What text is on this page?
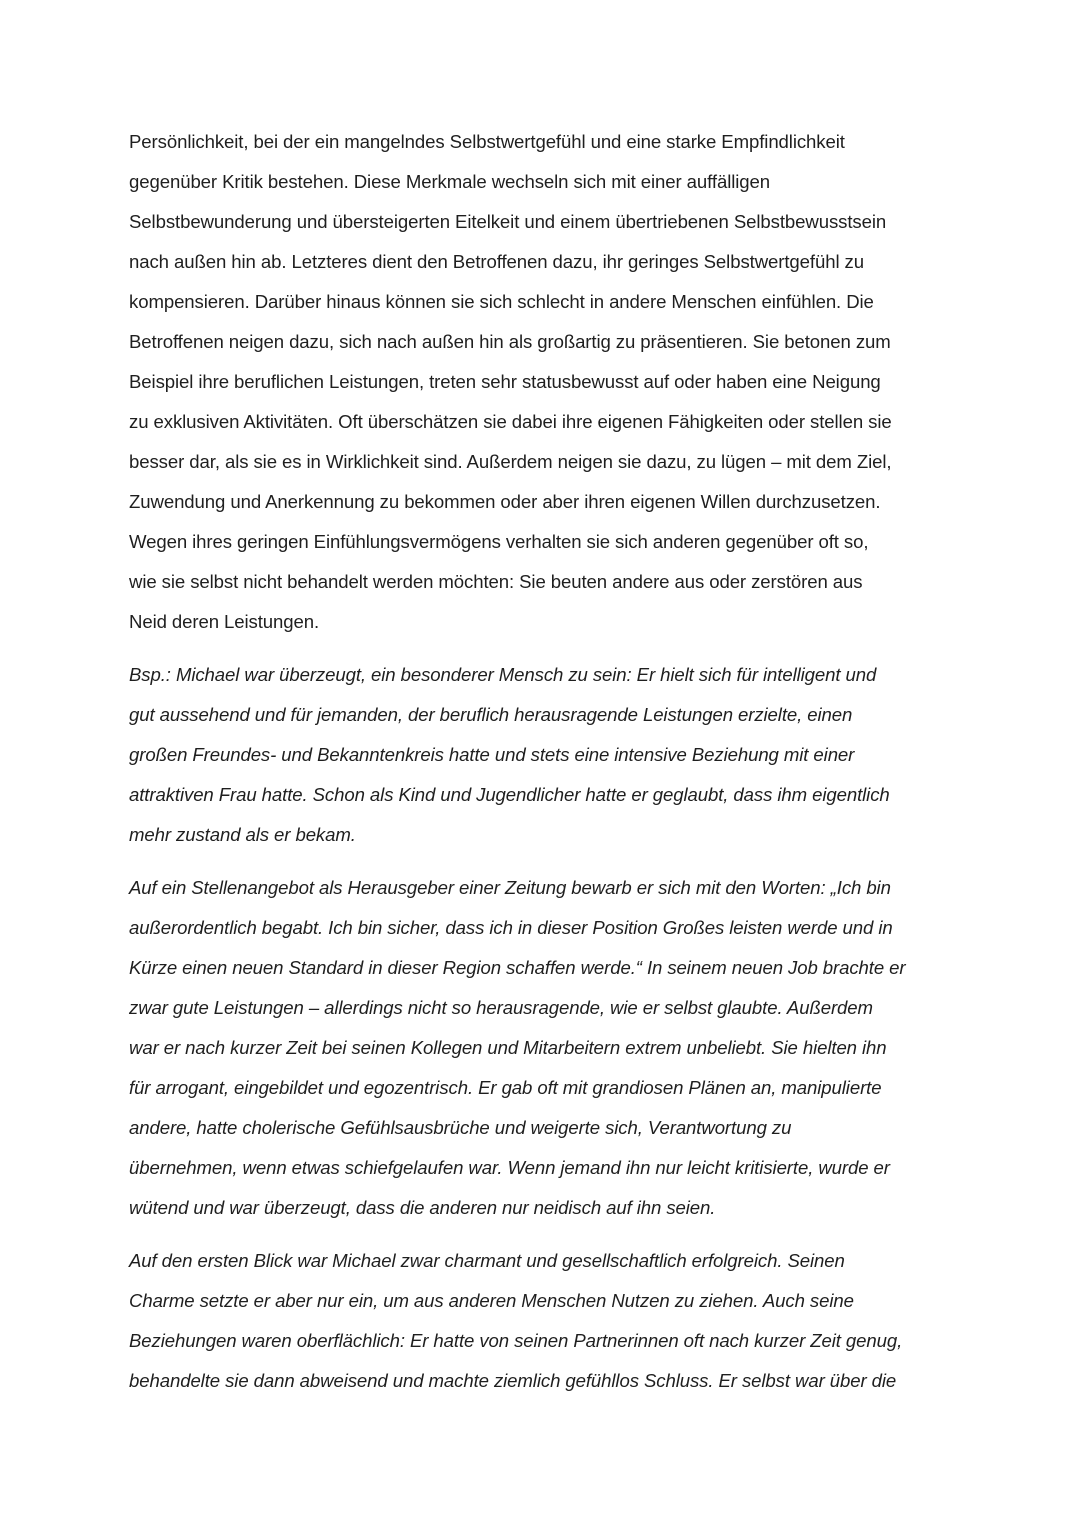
Persönlichkeit, bei der ein mangelndes Selbstwertgefühl und eine starke Empfindlichkeit
gegenüber Kritik bestehen. Diese Merkmale wechseln sich mit einer auffälligen
Selbstbewunderung und übersteigerten Eitelkeit und einem übertriebenen Selbstbewusstsein
nach außen hin ab. Letzteres dient den Betroffenen dazu, ihr geringes Selbstwertgefühl zu
kompensieren. Darüber hinaus können sie sich schlecht in andere Menschen einfühlen. Die
Betroffenen neigen dazu, sich nach außen hin als großartig zu präsentieren. Sie betonen zum
Beispiel ihre beruflichen Leistungen, treten sehr statusbewusst auf oder haben eine Neigung
zu exklusiven Aktivitäten. Oft überschätzen sie dabei ihre eigenen Fähigkeiten oder stellen sie
besser dar, als sie es in Wirklichkeit sind. Außerdem neigen sie dazu, zu lügen – mit dem Ziel,
Zuwendung und Anerkennung zu bekommen oder aber ihren eigenen Willen durchzusetzen.
Wegen ihres geringen Einfühlungsvermögens verhalten sie sich anderen gegenüber oft so,
wie sie selbst nicht behandelt werden möchten: Sie beuten andere aus oder zerstören aus
Neid deren Leistungen.
Bsp.: Michael war überzeugt, ein besonderer Mensch zu sein: Er hielt sich für intelligent und
gut aussehend und für jemanden, der beruflich herausragende Leistungen erzielte, einen
großen Freundes- und Bekanntenkreis hatte und stets eine intensive Beziehung mit einer
attraktiven Frau hatte. Schon als Kind und Jugendlicher hatte er geglaubt, dass ihm eigentlich
mehr zustand als er bekam.
Auf ein Stellenangebot als Herausgeber einer Zeitung bewarb er sich mit den Worten: „Ich bin
außerordentlich begabt. Ich bin sicher, dass ich in dieser Position Großes leisten werde und in
Kürze einen neuen Standard in dieser Region schaffen werde.“ In seinem neuen Job brachte er
zwar gute Leistungen – allerdings nicht so herausragende, wie er selbst glaubte. Außerdem
war er nach kurzer Zeit bei seinen Kollegen und Mitarbeitern extrem unbeliebt. Sie hielten ihn
für arrogant, eingebildet und egozentrisch. Er gab oft mit grandiosen Plänen an, manipulierte
andere, hatte cholerische Gefühlsausbrüche und weigerte sich, Verantwortung zu
übernehmen, wenn etwas schiefgelaufen war. Wenn jemand ihn nur leicht kritisierte, wurde er
wütend und war überzeugt, dass die anderen nur neidisch auf ihn seien.
Auf den ersten Blick war Michael zwar charmant und gesellschaftlich erfolgreich. Seinen
Charme setzte er aber nur ein, um aus anderen Menschen Nutzen zu ziehen. Auch seine
Beziehungen waren oberflächlich: Er hatte von seinen Partnerinnen oft nach kurzer Zeit genug,
behandelte sie dann abweisend und machte ziemlich gefühllos Schluss. Er selbst war über die
